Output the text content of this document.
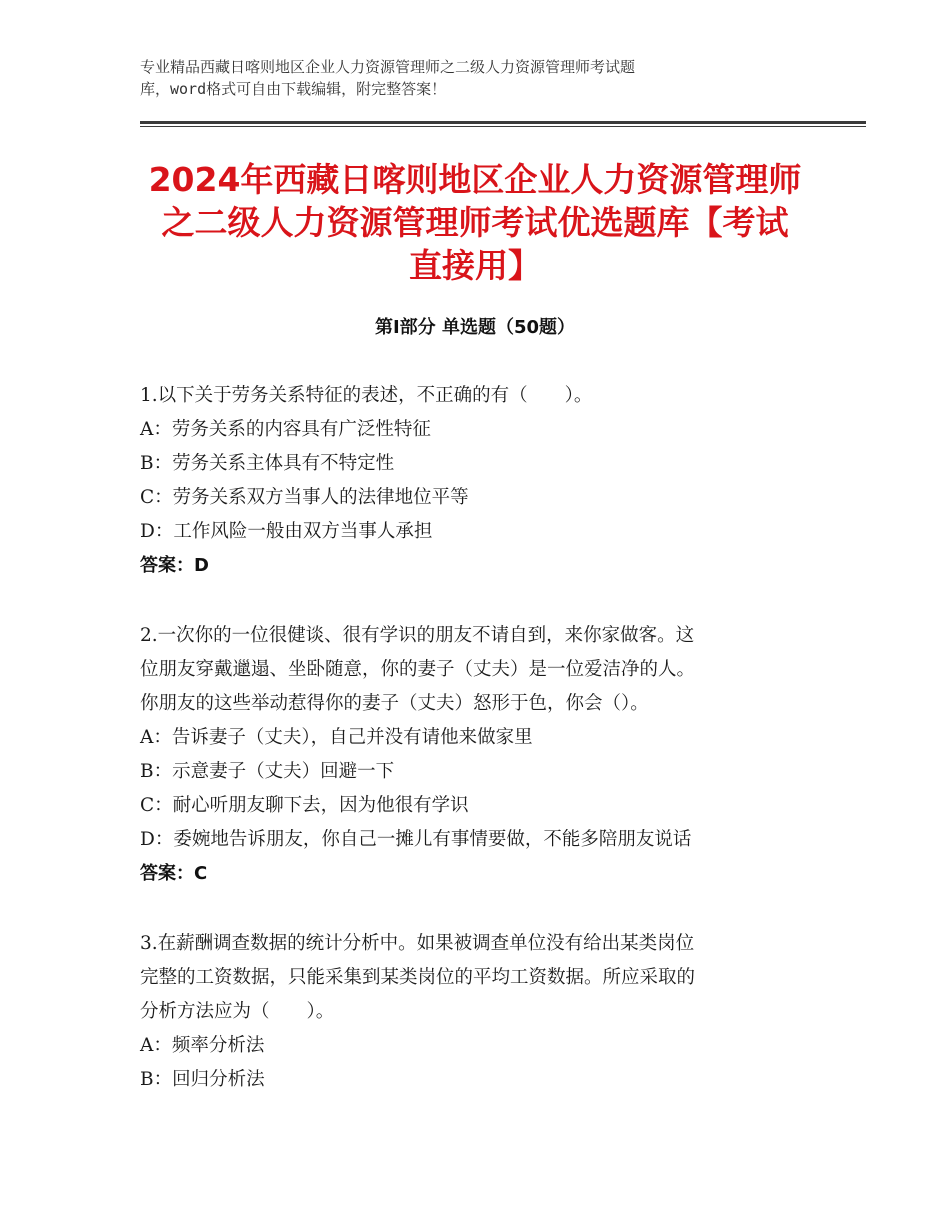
专业精品西藏日喀则地区企业人力资源管理师之二级人力资源管理师考试题
库，word格式可自由下载编辑，附完整答案！
2024年西藏日喀则地区企业人力资源管理师
之二级人力资源管理师考试优选题库【考试
直接用】
第Ⅰ部分 单选题（50题）
1.以下关于劳务关系特征的表述，不正确的有（　　）。
A：劳务关系的内容具有广泛性特征
B：劳务关系主体具有不特定性
C：劳务关系双方当事人的法律地位平等
D：工作风险一般由双方当事人承担
答案：D
2.一次你的一位很健谈、很有学识的朋友不请自到，来你家做客。这
位朋友穿戴邋遢、坐卧随意，你的妻子（丈夫）是一位爱洁净的人。
你朋友的这些举动惹得你的妻子（丈夫）怒形于色，你会（）。
A：告诉妻子（丈夫），自己并没有请他来做家里
B：示意妻子（丈夫）回避一下
C：耐心听朋友聊下去，因为他很有学识
D：委婉地告诉朋友，你自己一摊儿有事情要做，不能多陪朋友说话
答案：C
3.在薪酬调查数据的统计分析中。如果被调查单位没有给出某类岗位
完整的工资数据，只能采集到某类岗位的平均工资数据。所应采取的
分析方法应为（　　）。
A：频率分析法
B：回归分析法
